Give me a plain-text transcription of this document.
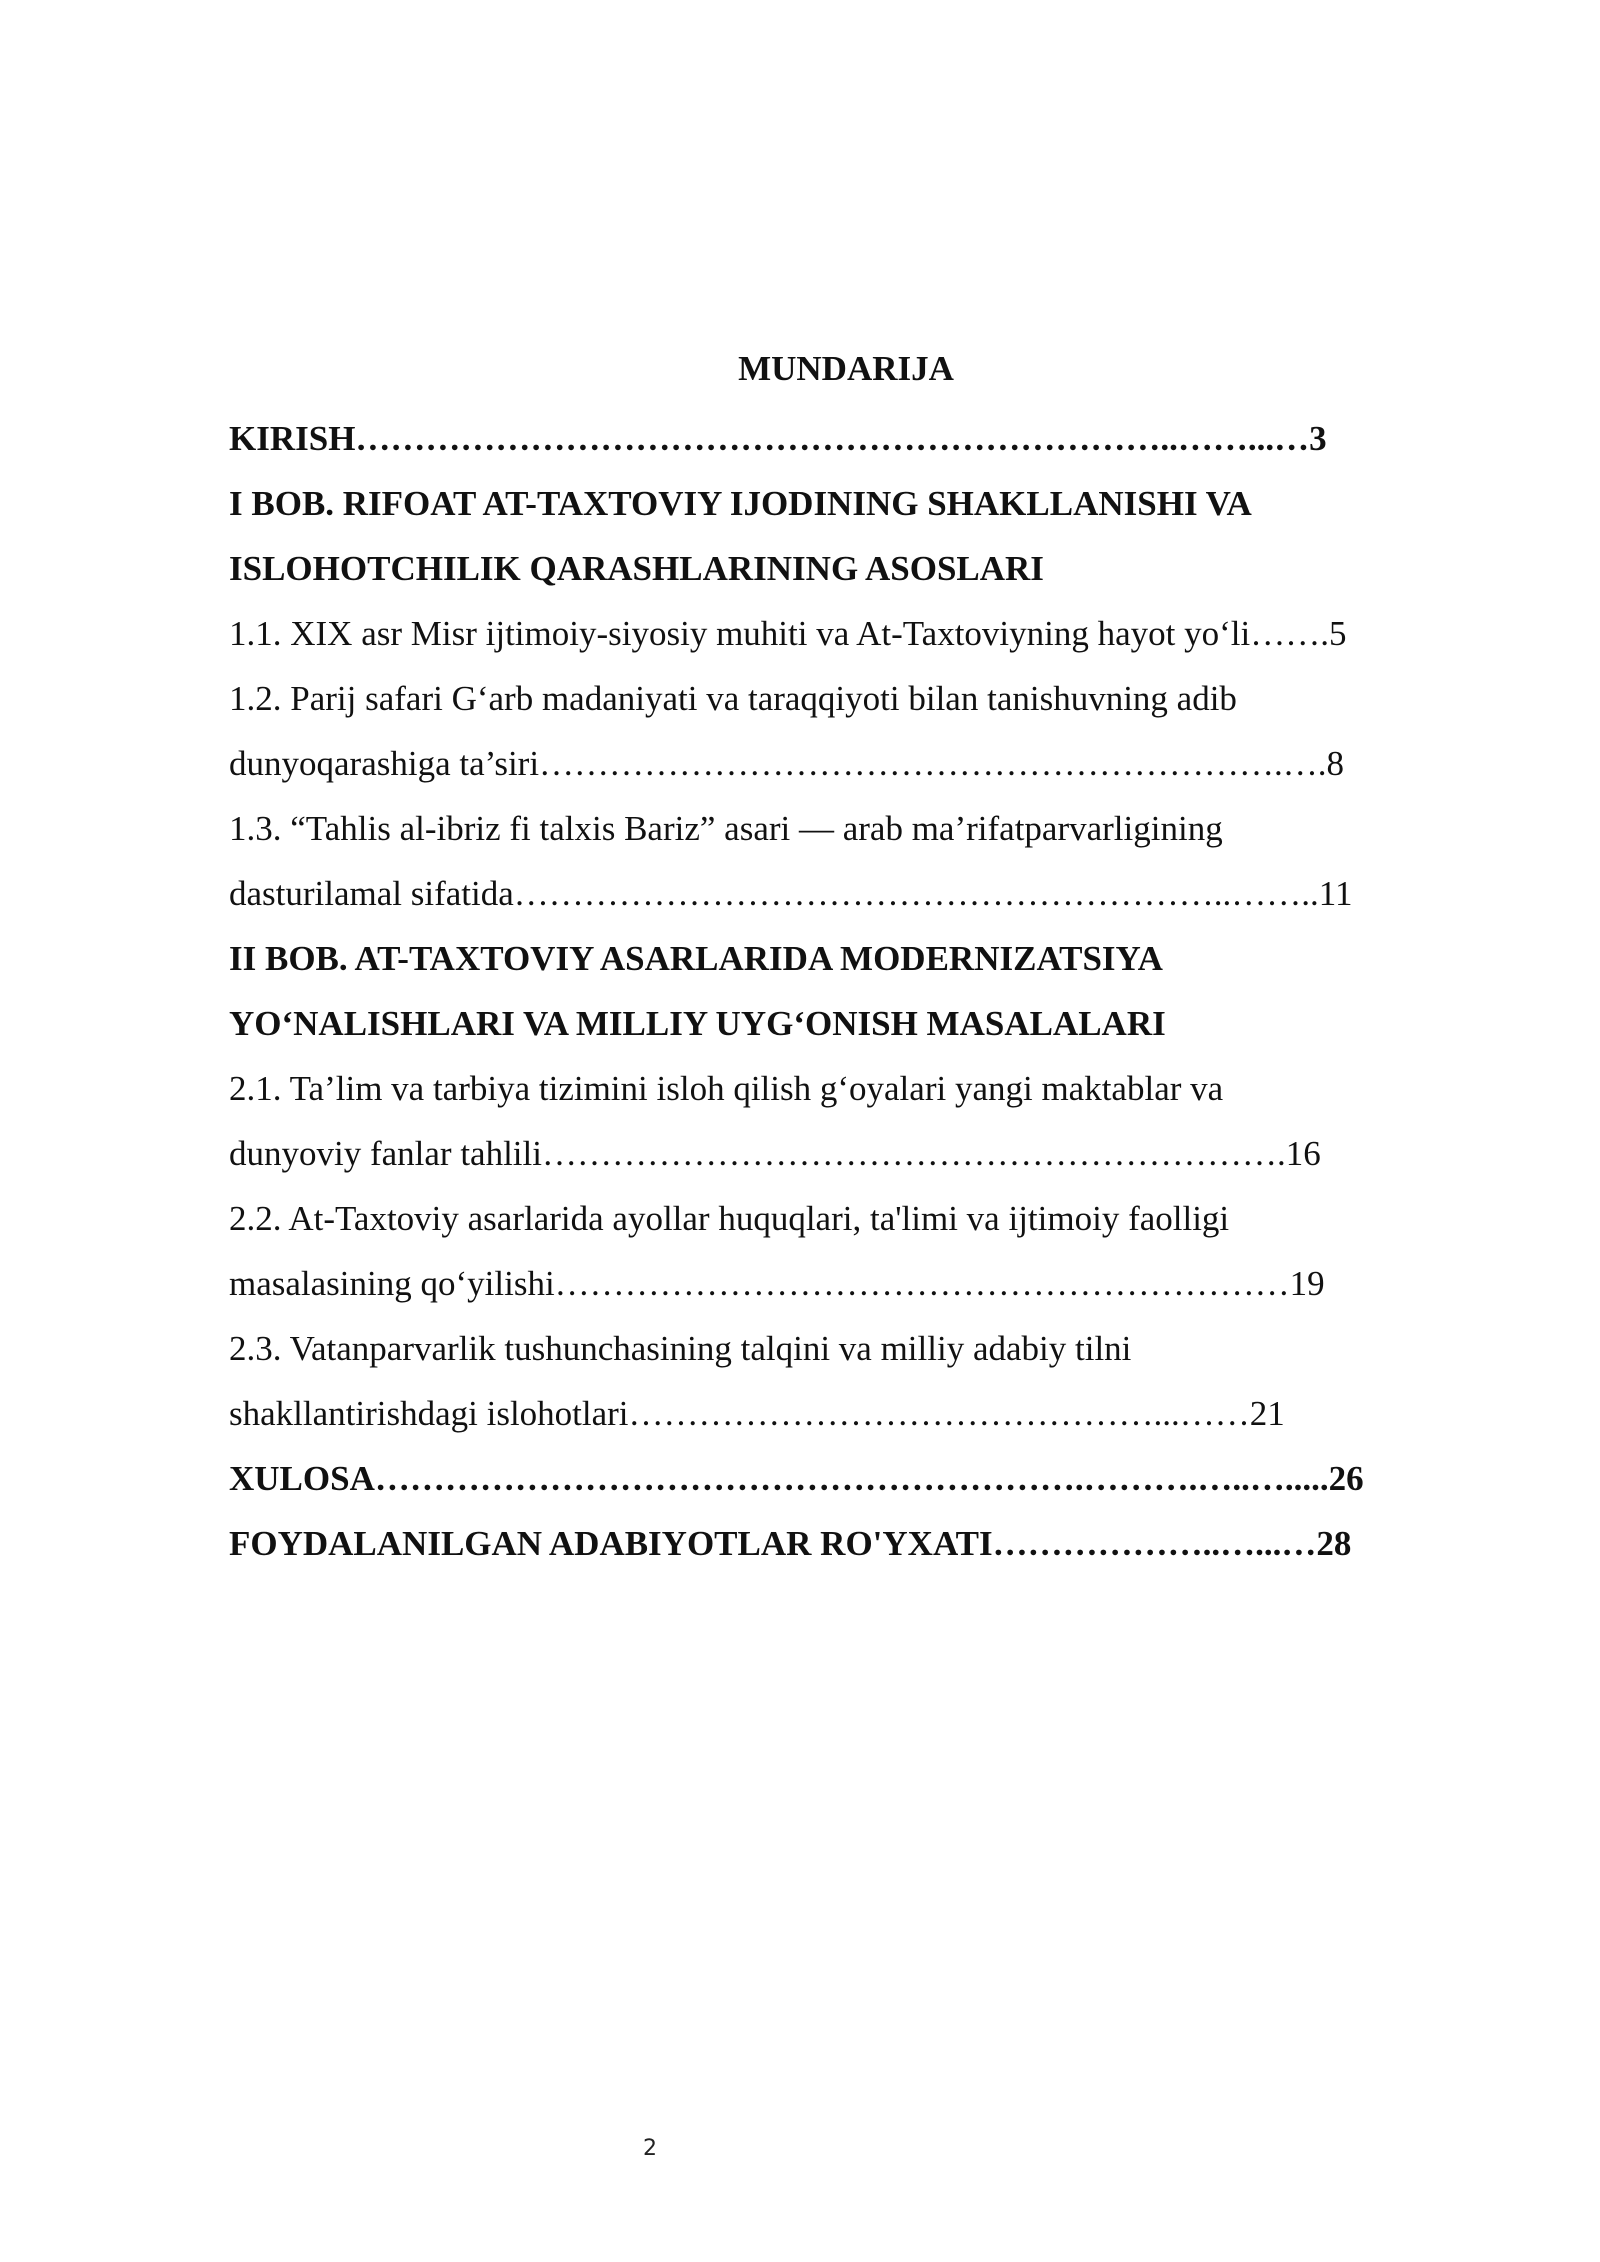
MUNDARIJA
KIRISH……………………………………………………………..……...…3
I BOB. RIFOAT AT-TAXTOVIY IJODINING SHAKLLANISHI VA
ISLOHOTCHILIK QARASHLARINING ASOSLARI
1.1. XIX asr Misr ijtimoiy-siyosiy muhiti va At-Taxtoviyning hayot yo‘li…….5
1.2. Parij safari G‘arb madaniyati va taraqqiyoti bilan tanishuvning adib
dunyoqarashiga ta’siri……………………………………………………….….8
1.3. “Tahlis al-ibriz fi talxis Bariz” asari — arab ma’rifatparvarligining
dasturilamal sifatida……………………………………………………..……..11
II BOB. AT-TAXTOVIY ASARLARIDA MODERNIZATSIYA
YO‘NALISHLARI VA MILLIY UYG‘ONISH MASALALARI
2.1. Ta’lim va tarbiya tizimini isloh qilish g‘oyalari yangi maktablar va
dunyoviy fanlar tahlili……………………………………………………….16
2.2. At-Taxtoviy asarlarida ayollar huquqlari, ta'limi va ijtimoiy faolligi
masalasining qo‘yilishi………………………………………………………19
2.3. Vatanparvarlik tushunchasining talqini va milliy adabiy tilni
shakllantirishdagi islohotlari………………………………………...……21
XULOSA…………………………………………………….……….…..….....26
FOYDALANILGAN ADABIYOTLAR RO'YXATI………………..…...…28
2
